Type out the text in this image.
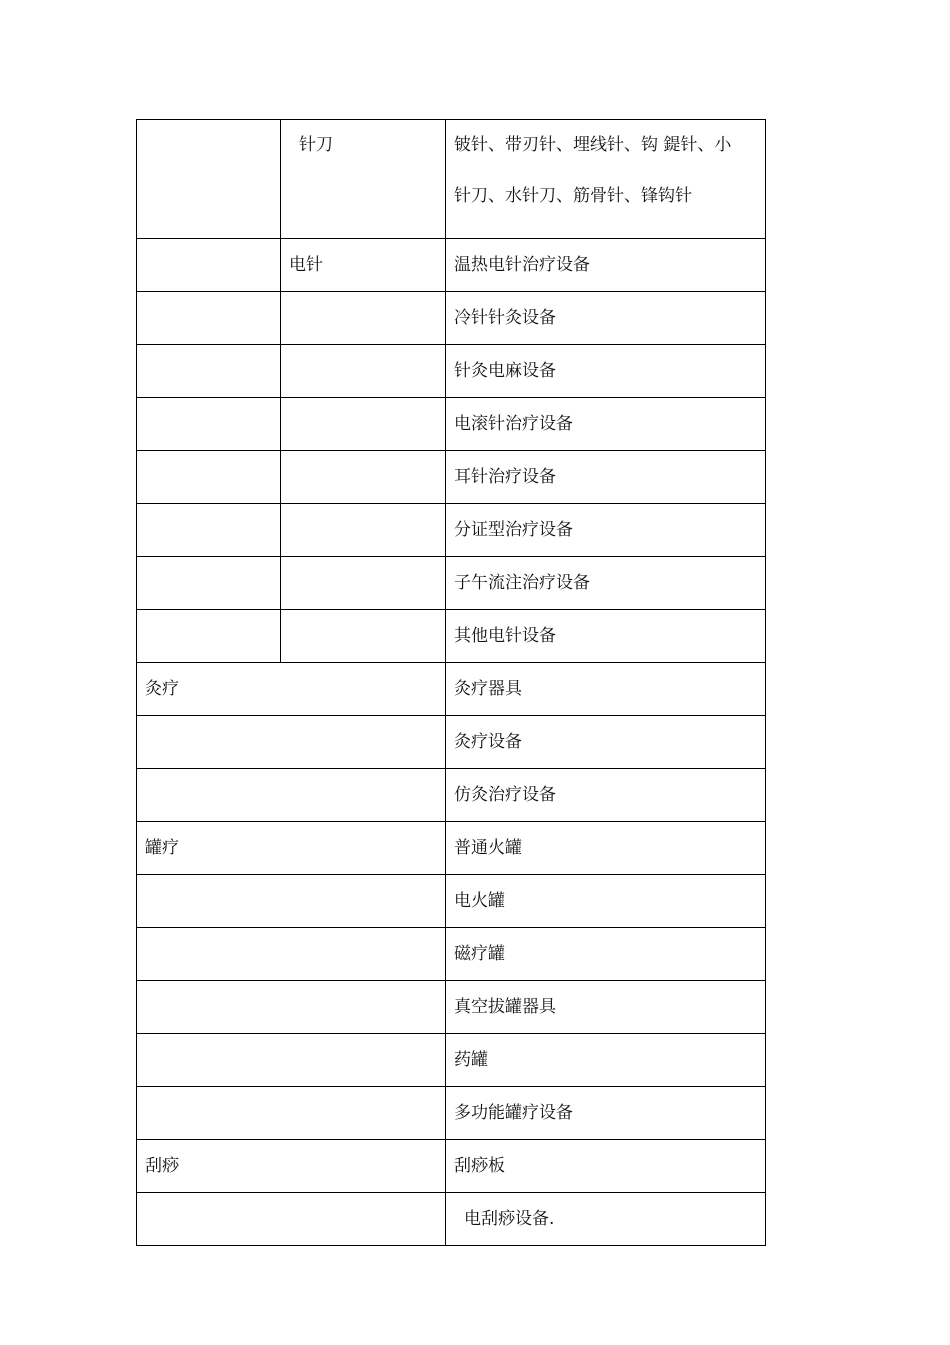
	针刀	铍针、带刃针、埋线针、钩 鍉针、小
针刀、水针刀、筋骨针、锋钩针

	电针	温热电针治疗设备
		冷针针灸设备
		针灸电麻设备
		电滚针治疗设备
		耳针治疗设备
		分证型治疗设备
		子午流注治疗设备
		其他电针设备
灸疗		灸疗器具
		灸疗设备
		仿灸治疗设备
罐疗		普通火罐
		电火罐
		磁疗罐
		真空拔罐器具
		药罐
		多功能罐疗设备
刮痧		刮痧板
		电刮痧设备.
